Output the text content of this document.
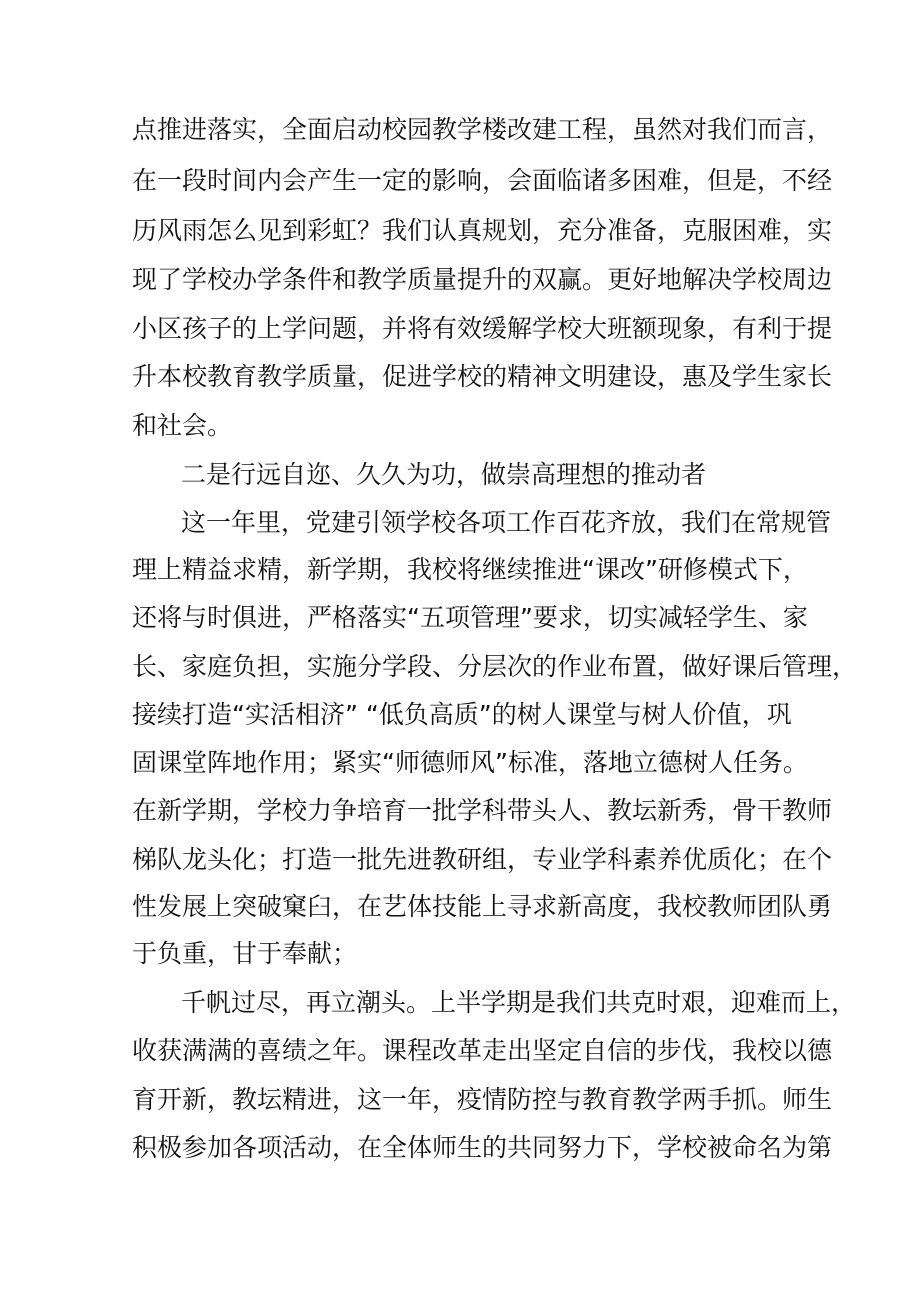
点推进落实，全面启动校园教学楼改建工程，虽然对我们而言，
在一段时间内会产生一定的影响，会面临诸多困难，但是，不经
历风雨怎么见到彩虹？我们认真规划，充分准备，克服困难，实
现了学校办学条件和教学质量提升的双赢。更好地解决学校周边
小区孩子的上学问题，并将有效缓解学校大班额现象，有利于提
升本校教育教学质量，促进学校的精神文明建设，惠及学生家长
和社会。
二是行远自迩、久久为功，做崇高理想的推动者
这一年里，党建引领学校各项工作百花齐放，我们在常规管
理上精益求精，新学期，我校将继续推进“课改”研修模式下，
还将与时俱进，严格落实“五项管理”要求，切实减轻学生、家
长、家庭负担，实施分学段、分层次的作业布置，做好课后管理，
接续打造“实活相济” “低负高质”的树人课堂与树人价值，巩
固课堂阵地作用；紧实“师德师风”标准，落地立德树人任务。
在新学期，学校力争培育一批学科带头人、教坛新秀，骨干教师
梯队龙头化；打造一批先进教研组，专业学科素养优质化；在个
性发展上突破窠臼，在艺体技能上寻求新高度，我校教师团队勇
于负重，甘于奉献；
千帆过尽，再立潮头。上半学期是我们共克时艰，迎难而上，
收获满满的喜绩之年。课程改革走出坚定自信的步伐，我校以德
育开新，教坛精进，这一年，疫情防控与教育教学两手抓。师生
积极参加各项活动，在全体师生的共同努力下，学校被命名为第
